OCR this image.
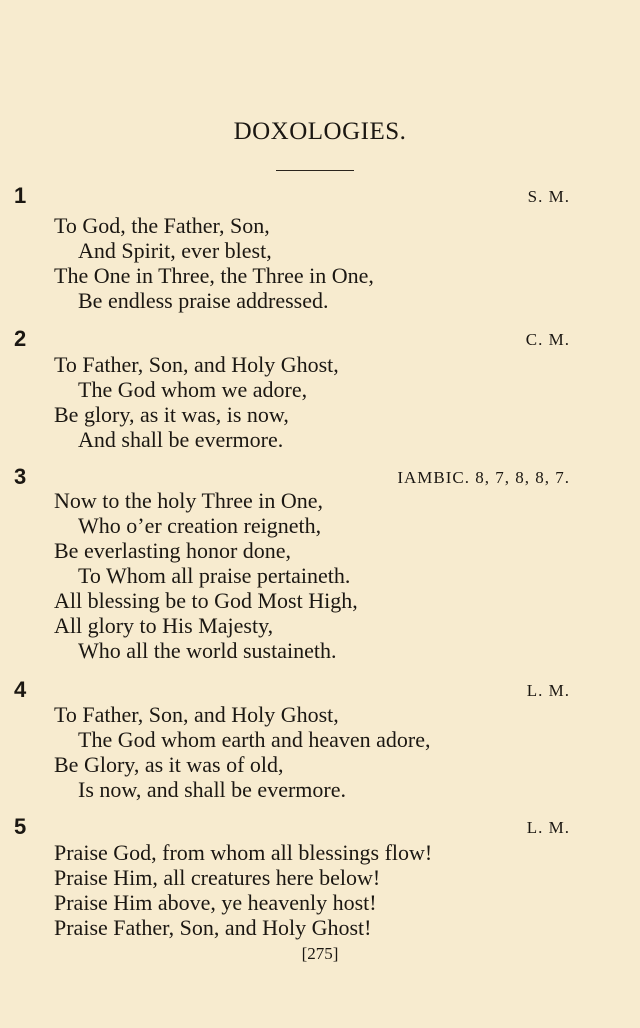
DOXOLOGIES.
1	S. M.
To God, the Father, Son,
And Spirit, ever blest,
The One in Three, the Three in One,
Be endless praise addressed.
2	C. M.
To Father, Son, and Holy Ghost,
The God whom we adore,
Be glory, as it was, is now,
And shall be evermore.
3	IAMBIC. 8, 7, 8, 8, 7.
Now to the holy Three in One,
Who o’er creation reigneth,
Be everlasting honor done,
To Whom all praise pertaineth.
All blessing be to God Most High,
All glory to His Majesty,
Who all the world sustaineth.
4	L. M.
To Father, Son, and Holy Ghost,
The God whom earth and heaven adore,
Be Glory, as it was of old,
Is now, and shall be evermore.
5	L. M.
Praise God, from whom all blessings flow!
Praise Him, all creatures here below!
Praise Him above, ye heavenly host!
Praise Father, Son, and Holy Ghost!
[275]
